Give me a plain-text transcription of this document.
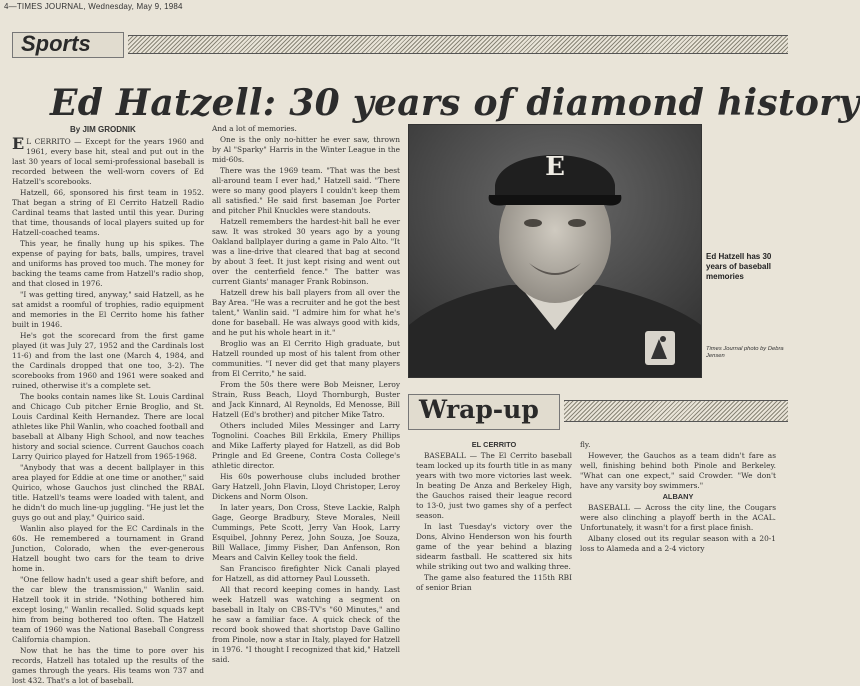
4—TIMES JOURNAL, Wednesday, May 9, 1984
Sports
Ed Hatzell: 30 years of diamond history
By JIM GRODNIK

E L CERRITO — Except for the years 1960 and 1961, every base hit, steal and put out in the last 30 years of local semi-professional baseball is recorded between the well-worn covers of Ed Hatzell's scorebooks.

Hatzell, 66, sponsored his first team in 1952. That began a string of El Cerrito Hatzell Radio Cardinal teams that lasted until this year. During that time, thousands of local players suited up for Hatzell-coached teams.

This year, he finally hung up his spikes. The expense of paying for bats, balls, umpires, travel and uniforms has proved too much. The money for backing the teams came from Hatzell's radio shop, and that closed in 1976.

"I was getting tired, anyway," said Hatzell, as he sat amidst a roomful of trophies, radio equipment and memories in the El Cerrito home his father built in 1946.

He's got the scorecard from the first game played (it was July 27, 1952 and the Cardinals lost 11-6) and from the last one (March 4, 1984, and the Cardinals dropped that one too, 3-2). The scorebooks from 1960 and 1961 were soaked and ruined, otherwise it's a complete set.

The books contain names like St. Louis Cardinal and Chicago Cub pitcher Ernie Broglio, and St. Louis Cardinal Keith Hernandez. There are local athletes like Phil Wanlin, who coached football and baseball at Albany High School, and now teaches history and social science. Current Gauchos coach Larry Quirico played for Hatzell from 1965-1968.

"Anybody that was a decent ballplayer in this area played for Eddie at one time or another," said Quirico, whose Gauchos just clinched the RBAL title. Hatzell's teams were loaded with talent, and he didn't do much line-up juggling. "He just let the guys go out and play," Quirico said.

Wanlin also played for the EC Cardinals in the 60s. He remembered a tournament in Grand Junction, Colorado, when the ever-generous Hatzell bought two cars for the team to drive home in.

"One fellow hadn't used a gear shift before, and the car blew the transmission," Wanlin said. Hatzell took it in stride. "Nothing bothered him except losing," Wanlin recalled. Solid squads kept him from being bothered too often. The Hatzell team of 1960 was the National Baseball Congress California champion.

Now that he has the time to pore over his records, Hatzell has totaled up the results of the games through the years. His teams won 737 and lost 432. That's a lot of baseball.

And a lot of memories.

One is the only no-hitter he ever saw, thrown by Al "Sparky" Harris in the Winter League in the mid-60s.

There was the 1969 team. "That was the best all-around team I ever had," Hatzell said. "There were so many good players I couldn't keep them all satisfied." He said first baseman Joe Porter and pitcher Phil Knuckles were standouts.

Hatzell remembers the hardest-hit ball he ever saw. It was stroked 30 years ago by a young Oakland ballplayer during a game in Palo Alto. "It was a line-drive that cleared that bag at second by about 3 feet. It just kept rising and went out over the centerfield fence." The batter was current Giants' manager Frank Robinson.

Hatzell drew his ball players from all over the Bay Area. "He was a recruiter and he got the best talent," Wanlin said. "I admire him for what he's done for baseball. He was always good with kids, and he put his whole heart in it."

Broglio was an El Cerrito High graduate, but Hatzell rounded up most of his talent from other communities. "I never did get that many players from El Cerrito," he said.

From the 50s there were Bob Meisner, Leroy Strain, Russ Beach, Lloyd Thornburgh, Buster and Jack Kinnard, Al Reynolds, Ed Menosse, Bill Hatzell (Ed's brother) and pitcher Mike Tatro.

Others included Miles Messinger and Larry Tognolini. Coaches Bill Erkkila, Emery Phillips and Mike Lafferty played for Hatzell, as did Bob Pringle and Ed Greene, Contra Costa College's athletic director.

His 60s powerhouse clubs included brother Gary Hatzell, John Flavin, Lloyd Christoper, Leroy Dickens and Norm Olson.

In later years, Don Cross, Steve Lackie, Ralph Gage, George Bradbury, Steve Morales, Neill Cummings, Pete Scott, Jerry Van Hook, Larry Esquibel, Johnny Perez, John Souza, Joe Souza, Bill Wallace, Jimmy Fisher, Dan Anfenson, Ron Mears and Calvin Kelley took the field.

San Francisco firefighter Nick Canali played for Hatzell, as did attorney Paul Lousseth.

All that record keeping comes in handy. Last week Hatzell was watching a segment on baseball in Italy on CBS-TV's "60 Minutes," and he saw a familiar face. A quick check of the record book showed that shortstop Dave Gallino from Pinole, now a star in Italy, played for Hatzell in 1976. "I thought I recognized that kid," Hatzell said.

E
Ed Hatzell has 30 years of baseball memories
Times Journal photo by Debra Jensen
Wrap-up

EL CERRITO

BASEBALL — The El Cerrito baseball team locked up its fourth title in as many years with two more victories last week. In beating De Anza and Berkeley High, the Gauchos raised their league record to 13-0, just two games shy of a perfect season.

In last Tuesday's victory over the Dons, Alvino Henderson won his fourth game of the year behind a blazing sidearm fastball. He scattered six hits while striking out two and walking three.

The game also featured the 115th RBI of senior Brian

fly.

However, the Gauchos as a team didn't fare as well, finishing behind both Pinole and Berkeley. "What can one expect," said Crowder. "We don't have any varsity boy swimmers."

ALBANY

BASEBALL — Across the city line, the Cougars were also clinching a playoff berth in the ACAL. Unfortunately, it wasn't for a first place finish.

Albany closed out its regular season with a 20-1 loss to Alameda and a 2-4 victory
